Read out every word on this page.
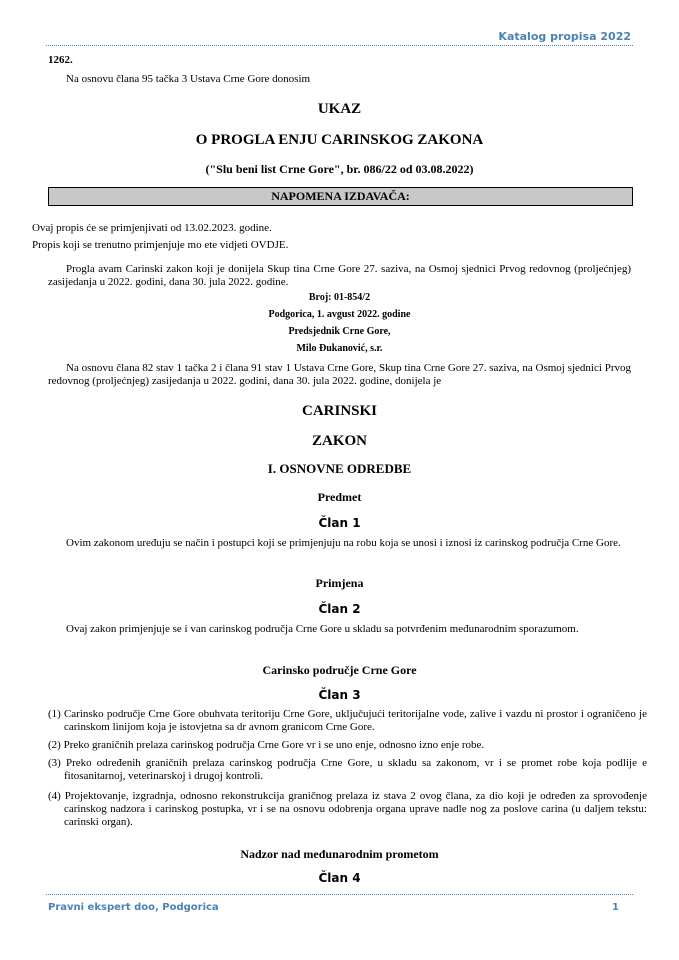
Katalog propisa 2022
1262.
Na osnovu člana 95 tačka 3 Ustava Crne Gore donosim
UKAZ
O PROGLA ENJU CARINSKOG ZAKONA
("Slu beni list Crne Gore", br. 086/22 od 03.08.2022)
NAPOMENA IZDAVAČA:
Ovaj propis će se primjenjivati od 13.02.2023. godine.
Propis koji se trenutno primjenjuje mo ete vidjeti OVDJE.
Progla avam Carinski zakon koji je donijela Skup tina Crne Gore 27. saziva, na Osmoj sjednici Prvog redovnog (proljećnjeg) zasijedanja u 2022. godini, dana 30. jula 2022. godine.
Broj: 01-854/2
Podgorica, 1. avgust 2022. godine
Predsjednik Crne Gore,
Milo Đukanović, s.r.
Na osnovu člana 82 stav 1 tačka 2 i člana 91 stav 1 Ustava Crne Gore, Skup tina Crne Gore 27. saziva, na Osmoj sjednici Prvog redovnog (proljećnjeg) zasijedanja u 2022. godini, dana 30. jula 2022. godine, donijela je
CARINSKI
ZAKON
I. OSNOVNE ODREDBE
Predmet
Član 1
Ovim zakonom uređuju se način i postupci koji se primjenjuju na robu koja se unosi i iznosi iz carinskog područja Crne Gore.
Primjena
Član 2
Ovaj zakon primjenjuje se i van carinskog područja Crne Gore u skladu sa potvrđenim međunarodnim sporazumom.
Carinsko područje Crne Gore
Član 3
(1) Carinsko područje Crne Gore obuhvata teritoriju Crne Gore, uključujući teritorijalne vode, zalive i vazdu ni prostor i ograničeno je carinskom linijom koja je istovjetna sa dr avnom granicom Crne Gore.
(2) Preko graničnih prelaza carinskog područja Crne Gore vr i se uno enje, odnosno izno enje robe.
(3) Preko određenih graničnih prelaza carinskog područja Crne Gore, u skladu sa zakonom, vr i se promet robe koja podlije e fitosanitarnoj, veterinarskoj i drugoj kontroli.
(4) Projektovanje, izgradnja, odnosno rekonstrukcija graničnog prelaza iz stava 2 ovog člana, za dio koji je određen za sprovođenje carinskog nadzora i carinskog postupka, vr i se na osnovu odobrenja organa uprave nadle nog za poslove carina (u daljem tekstu: carinski organ).
Nadzor nad međunarodnim prometom
Član 4
Pravni ekspert doo, Podgorica	1
